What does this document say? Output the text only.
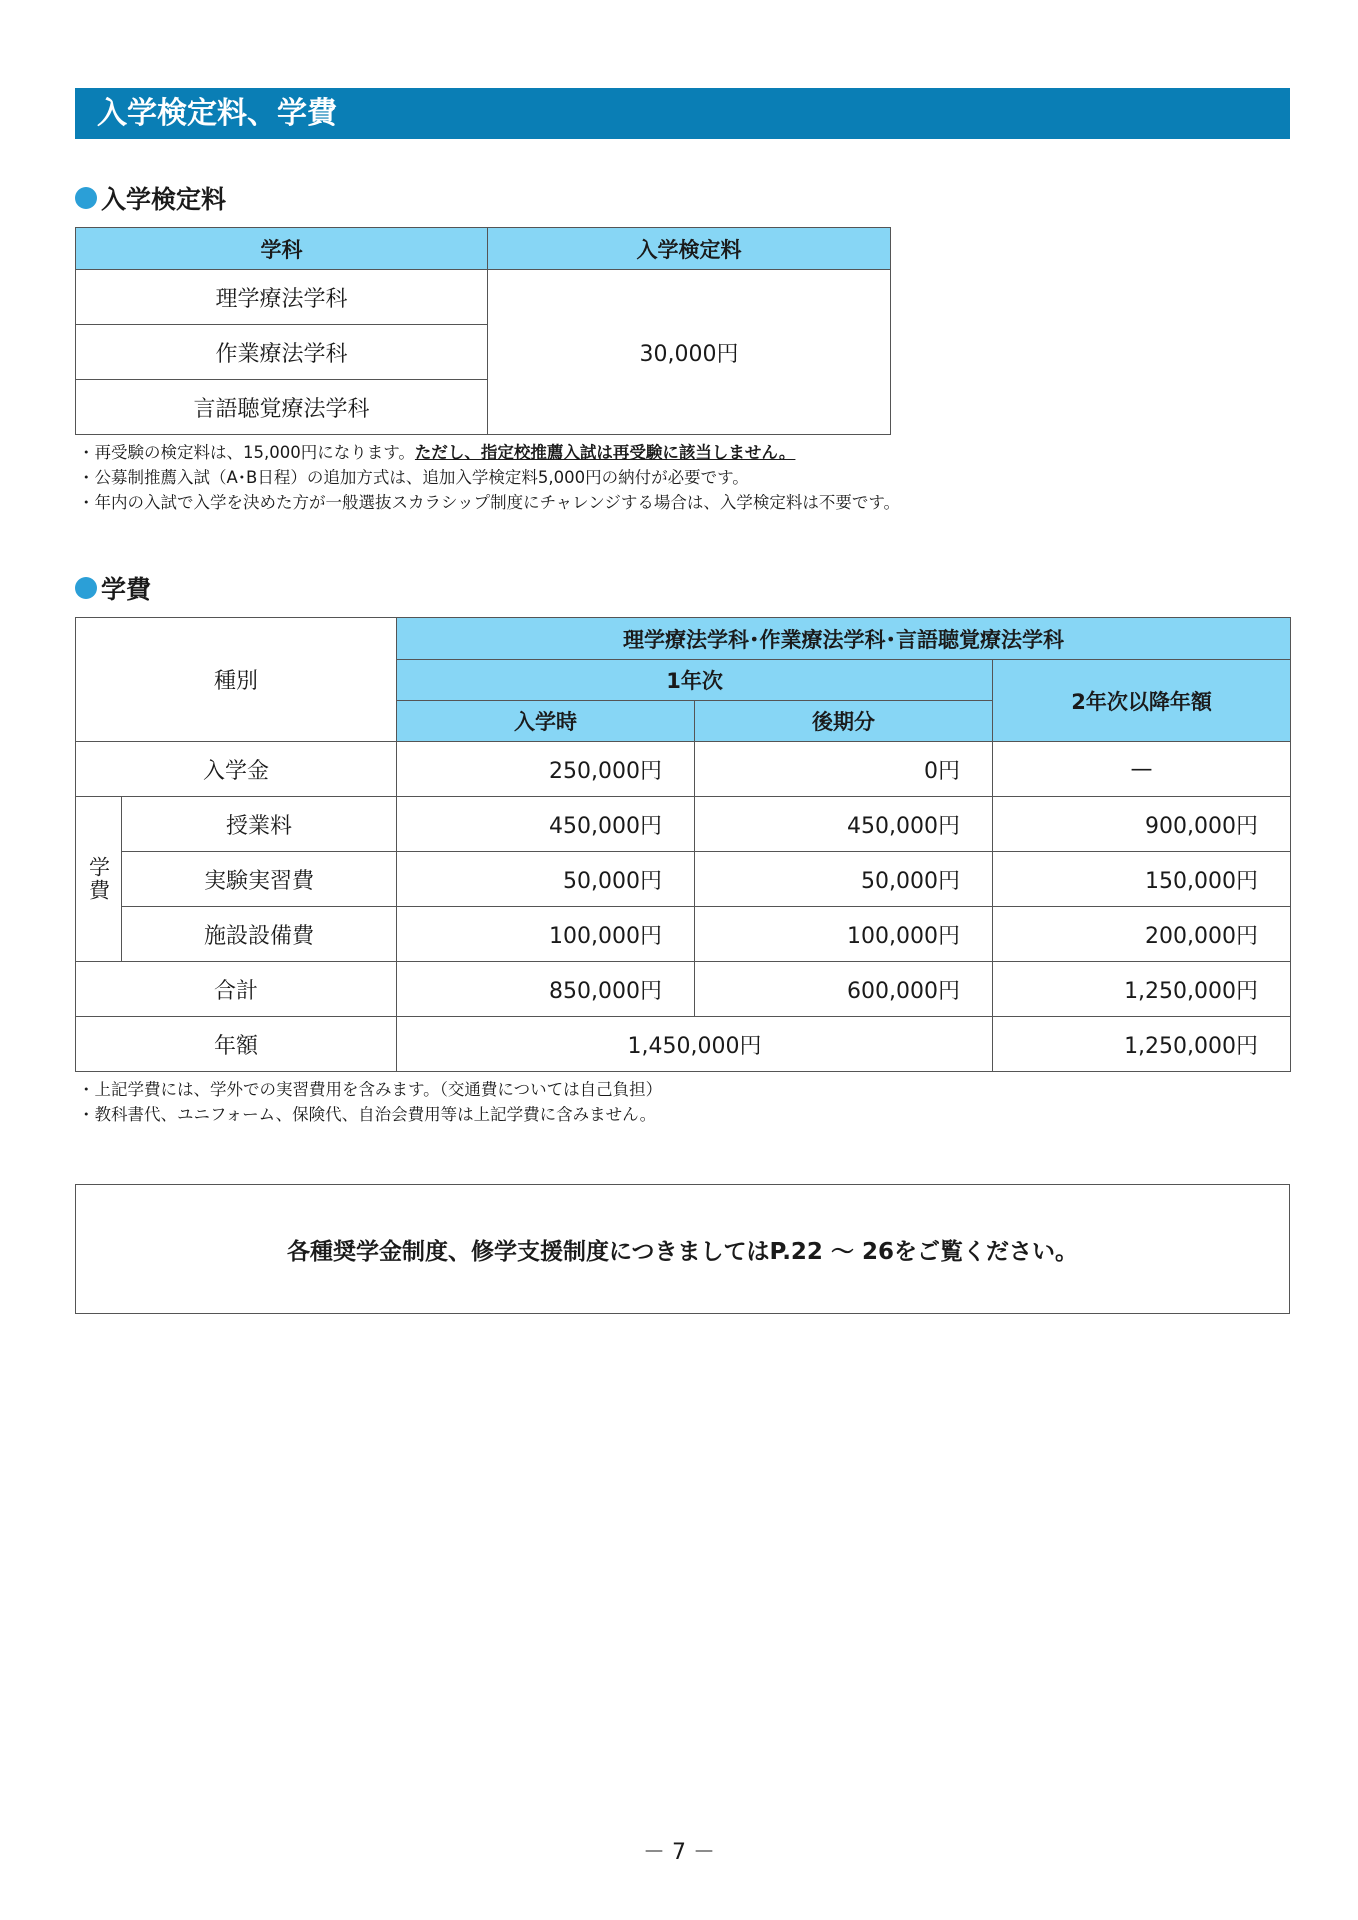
入学検定料、学費
入学検定料
学科	入学検定料
理学療法学科	30,000円
作業療法学科	
言語聴覚療法学科	
・再受験の検定料は、15,000円になります。ただし、指定校推薦入試は再受験に該当しません。
・公募制推薦入試（A･B日程）の追加方式は、追加入学検定料5,000円の納付が必要です。
・年内の入試で入学を決めた方が一般選抜スカラシップ制度にチャレンジする場合は、入学検定料は不要です。
学費
種別		理学療法学科･作業療法学科･言語聴覚療法学科		
		1年次		2年次以降年額
		入学時	後期分	
入学金		250,000円	0円	—

学費	授業料	450,000円	450,000円	900,000円
	実験実習費	50,000円	50,000円	150,000円
	施設設備費	100,000円	100,000円	200,000円
合計		850,000円	600,000円	1,250,000円
年額		1,450,000円		1,250,000円
・上記学費には、学外での実習費用を含みます。（交通費については自己負担）
・教科書代、ユニフォーム、保険代、自治会費用等は上記学費に含みません。
各種奨学金制度、修学支援制度につきましてはP.22 ～ 26をご覧ください。
－ 7 －
